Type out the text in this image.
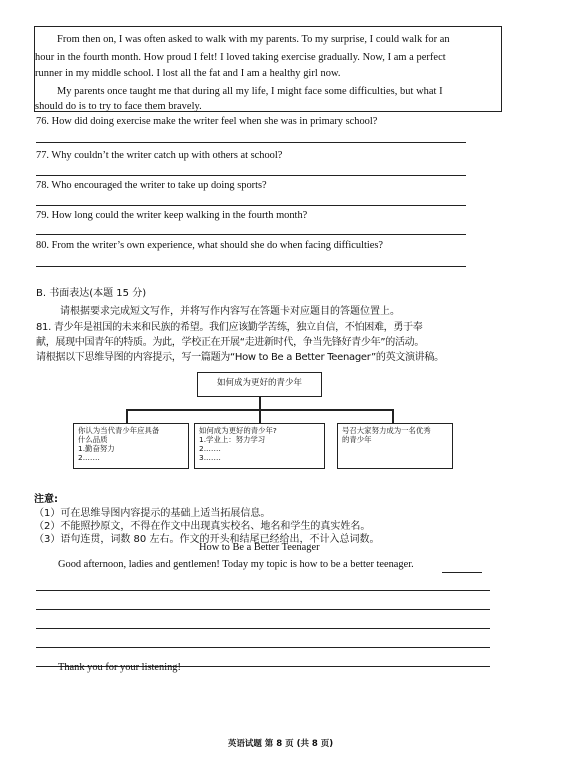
From then on, I was often asked to walk with my parents. To my surprise, I could walk for an
hour in the fourth month. How proud I felt! I loved taking exercise gradually. Now, I am a perfect
runner in my middle school. I lost all the fat and I am a healthy girl now.
My parents once taught me that during all my life, I might face some difficulties, but what I
should do is to try to face them bravely.
76. How did doing exercise make the writer feel when she was in primary school?
77. Why couldn’t the writer catch up with others at school?
78. Who encouraged the writer to take up doing sports?
79. How long could the writer keep walking in the fourth month?
80. From the writer’s own experience, what should she do when facing difficulties?
B. 书面表达(本题 15 分)
请根据要求完成短文写作，并将写作内容写在答题卡对应题目的答题位置上。
81. 青少年是祖国的未来和民族的希望。我们应该勤学苦练，独立自信，不怕困难，勇于奉
献，展现中国青年的特质。为此，学校正在开展“走进新时代，争当先锋好青少年”的活动。
请根据以下思维导图的内容提示，写一篇题为“How to Be a Better Teenager”的英文演讲稿。
如何成为更好的青少年
你认为当代青少年应具备
什么品质
1.勤奋努力
2.……
如何成为更好的青少年?
1.学业上：努力学习
2.……
3.……
号召大家努力成为一名优秀
的青少年
注意:
（1）可在思维导图内容提示的基础上适当拓展信息。
（2）不能照抄原文，不得在作文中出现真实校名、地名和学生的真实姓名。
（3）语句连贯，词数 80 左右。作文的开头和结尾已经给出，不计入总词数。
How to Be a Better Teenager
Good afternoon, ladies and gentlemen! Today my topic is how to be a better teenager.
Thank you for your listening!
英语试题 第 8 页 (共 8 页)
